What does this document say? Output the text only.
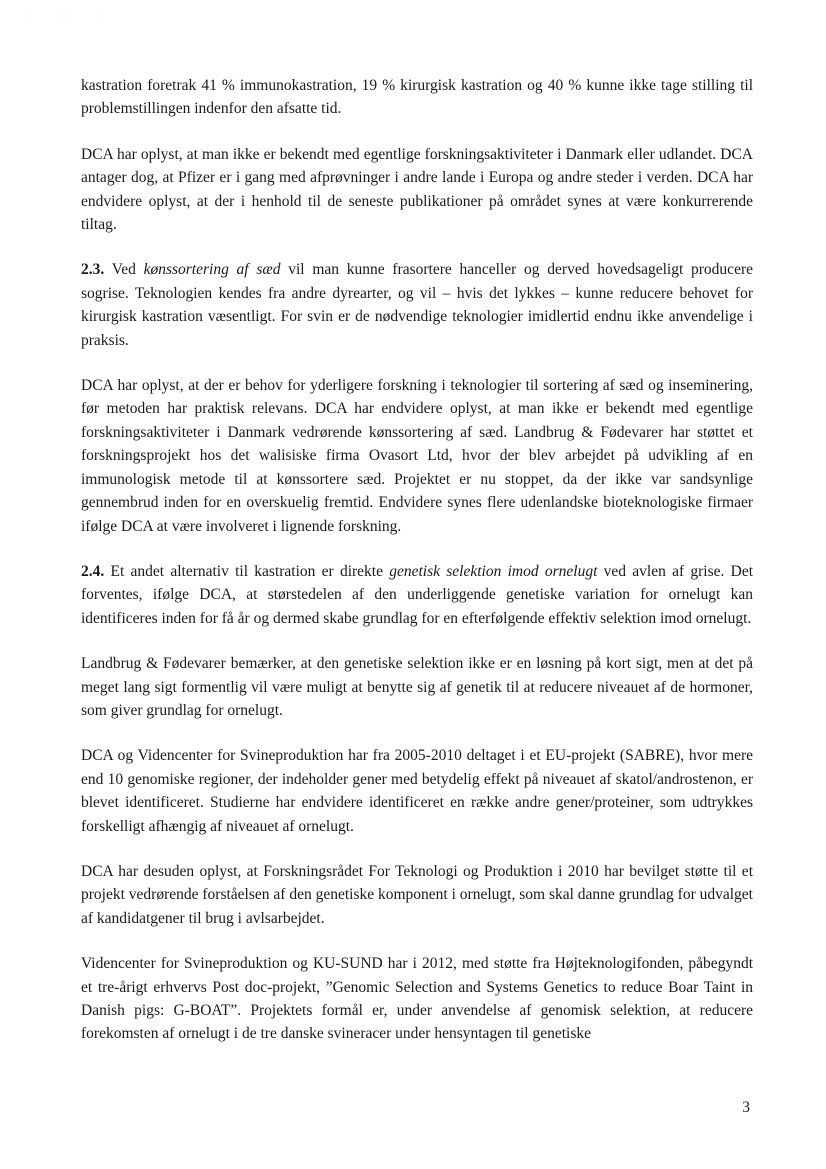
· · ·

kastration foretrak 41 % immunokastration, 19 % kirurgisk kastration og 40 % kunne ikke tage stilling til problemstillingen indenfor den afsatte tid.

DCA har oplyst, at man ikke er bekendt med egentlige forskningsaktiviteter i Danmark eller udlandet. DCA antager dog, at Pfizer er i gang med afprøvninger i andre lande i Europa og andre steder i verden. DCA har endvidere oplyst, at der i henhold til de seneste publikationer på området synes at være konkurrerende tiltag.

2.3. Ved kønssortering af sæd vil man kunne frasortere hanceller og derved hovedsageligt producere sogrise. Teknologien kendes fra andre dyrearter, og vil – hvis det lykkes – kunne reducere behovet for kirurgisk kastration væsentligt. For svin er de nødvendige teknologier imidlertid endnu ikke anvendelige i praksis.

DCA har oplyst, at der er behov for yderligere forskning i teknologier til sortering af sæd og inseminering, før metoden har praktisk relevans. DCA har endvidere oplyst, at man ikke er bekendt med egentlige forskningsaktiviteter i Danmark vedrørende kønssortering af sæd. Landbrug & Fødevarer har støttet et forskningsprojekt hos det walisiske firma Ovasort Ltd, hvor der blev arbejdet på udvikling af en immunologisk metode til at kønssortere sæd. Projektet er nu stoppet, da der ikke var sandsynlige gennembrud inden for en overskuelig fremtid. Endvidere synes flere udenlandske bioteknologiske firmaer ifølge DCA at være involveret i lignende forskning.

2.4. Et andet alternativ til kastration er direkte genetisk selektion imod ornelugt ved avlen af grise. Det forventes, ifølge DCA, at størstedelen af den underliggende genetiske variation for ornelugt kan identificeres inden for få år og dermed skabe grundlag for en efterfølgende effektiv selektion imod ornelugt.

Landbrug & Fødevarer bemærker, at den genetiske selektion ikke er en løsning på kort sigt, men at det på meget lang sigt formentlig vil være muligt at benytte sig af genetik til at reducere niveauet af de hormoner, som giver grundlag for ornelugt.

DCA og Videncenter for Svineproduktion har fra 2005-2010 deltaget i et EU-projekt (SABRE), hvor mere end 10 genomiske regioner, der indeholder gener med betydelig effekt på niveauet af skatol/androstenon, er blevet identificeret. Studierne har endvidere identificeret en række andre gener/proteiner, som udtrykkes forskelligt afhængig af niveauet af ornelugt.

DCA har desuden oplyst, at Forskningsrådet For Teknologi og Produktion i 2010 har bevilget støtte til et projekt vedrørende forståelsen af den genetiske komponent i ornelugt, som skal danne grundlag for udvalget af kandidatgener til brug i avlsarbejdet.

Videncenter for Svineproduktion og KU-SUND har i 2012, med støtte fra Højteknologifonden, påbegyndt et tre-årigt erhvervs Post doc-projekt, ”Genomic Selection and Systems Genetics to reduce Boar Taint in Danish pigs: G-BOAT”. Projektets formål er, under anvendelse af genomisk selektion, at reducere forekomsten af ornelugt i de tre danske svineracer under hensyntagen til genetiske

3
